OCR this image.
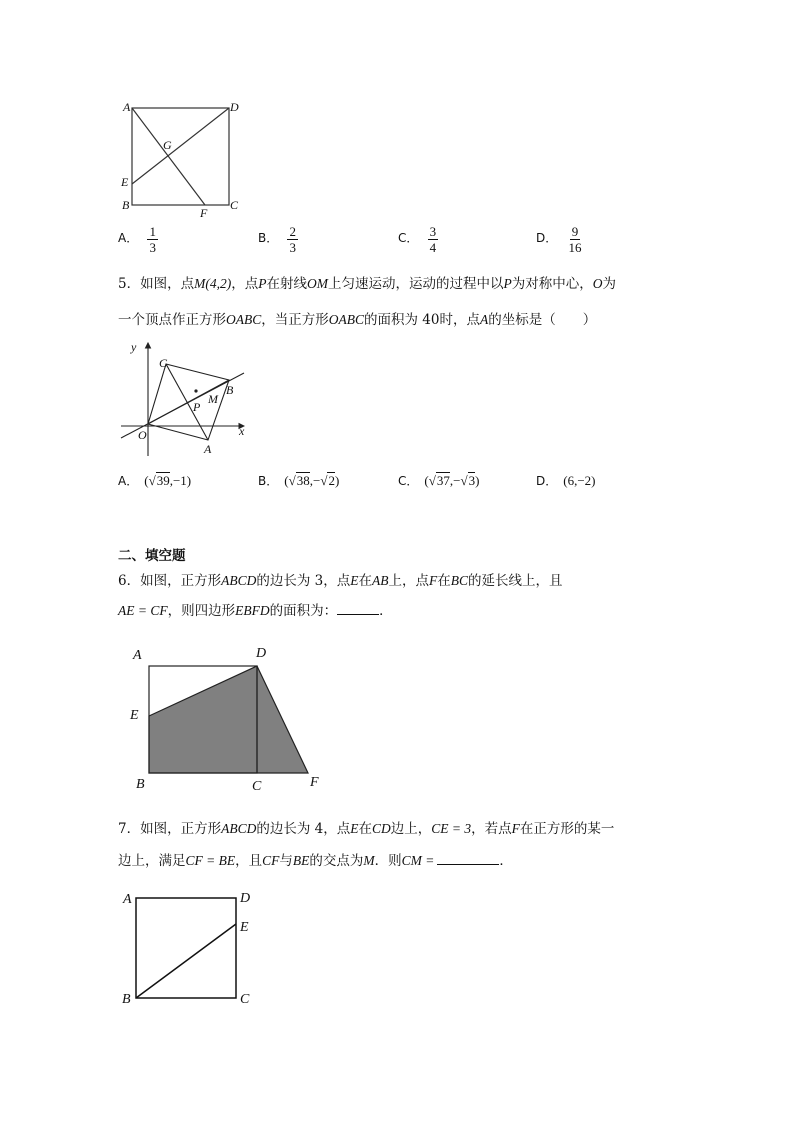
A	D
G
E
B
F
C
A． $\frac{1}{3}$	B． $\frac{2}{3}$	C． $\frac{3}{4}$	D． $\frac{9}{16}$
5．如图，点M(4,2)，点P在射线OM上匀速运动，运动的过程中以P为对称中心，O为
一个顶点作正方形OABC，当正方形OABC的面积为 40时，点A的坐标是（　　）
y
x
O
C
B
M
P
A
A． (√39,−1)	B． (√38,−√2)	C． (√37,−√3)	D． (6,−2)
二、填空题
6．如图，正方形ABCD的边长为 3，点E在AB上，点F在BC的延长线上，且
AE = CF，则四边形EBFD的面积为：	．
A	D
E
B	C	F
7．如图，正方形ABCD的边长为 4，点E在CD边上，CE = 3，若点F在正方形的某一
边上，满足CF = BE，且CF与BE的交点为M．则CM =	．
A	D
E
B	C
